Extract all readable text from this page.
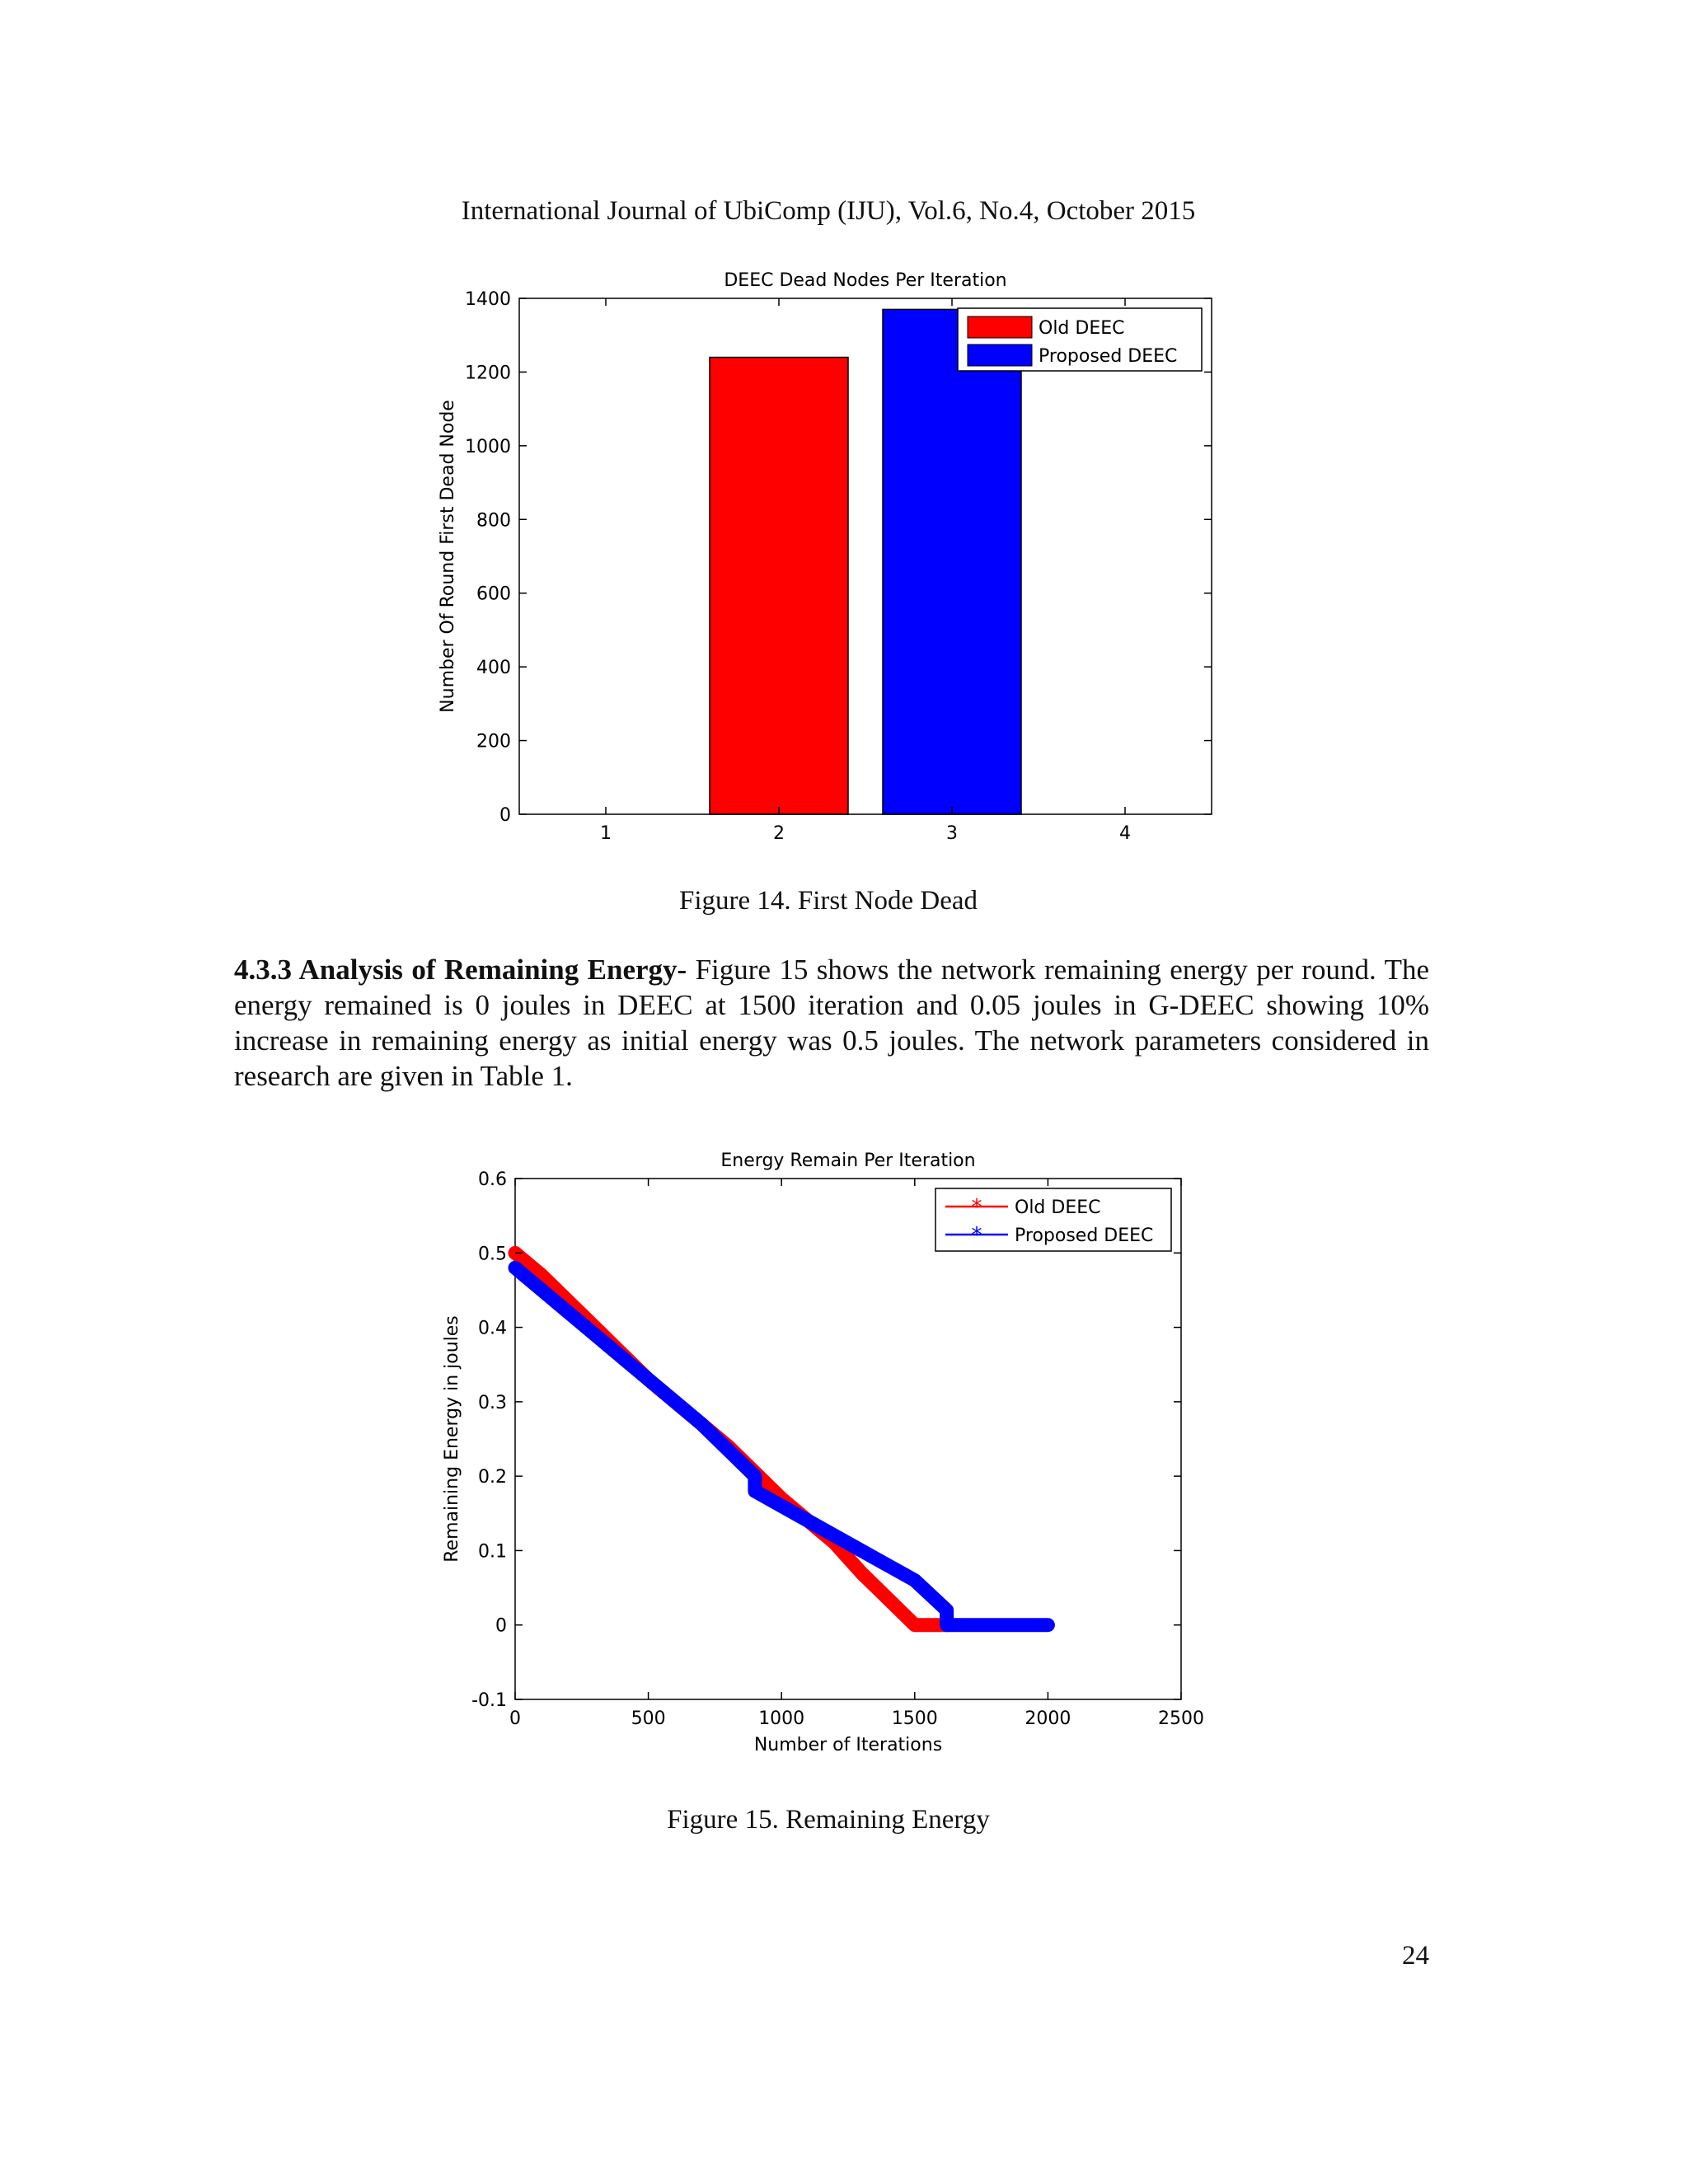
International Journal of UbiComp (IJU), Vol.6, No.4, October 2015
DEEC Dead Nodes Per Iteration
0
200
400
600
800
1000
1200
1400
1	2	3	4
Number Of Round First Dead Node
Old DEEC
Proposed DEEC
Figure 14. First Node Dead
4.3.3 Analysis of Remaining Energy- Figure 15 shows the network remaining energy per round. The energy remained is 0 joules in DEEC at 1500 iteration and 0.05 joules in G-DEEC showing 10% increase in remaining energy as initial energy was 0.5 joules. The network parameters considered in research are given in Table 1.
Energy Remain Per Iteration
-0.1
0
0.1
0.2
0.3
0.4
0.5
0.6
0	500	1000	1500	2000	2500
Number of Iterations
Remaining Energy in joules
* Old DEEC
* Proposed DEEC
Figure 15. Remaining Energy
24
